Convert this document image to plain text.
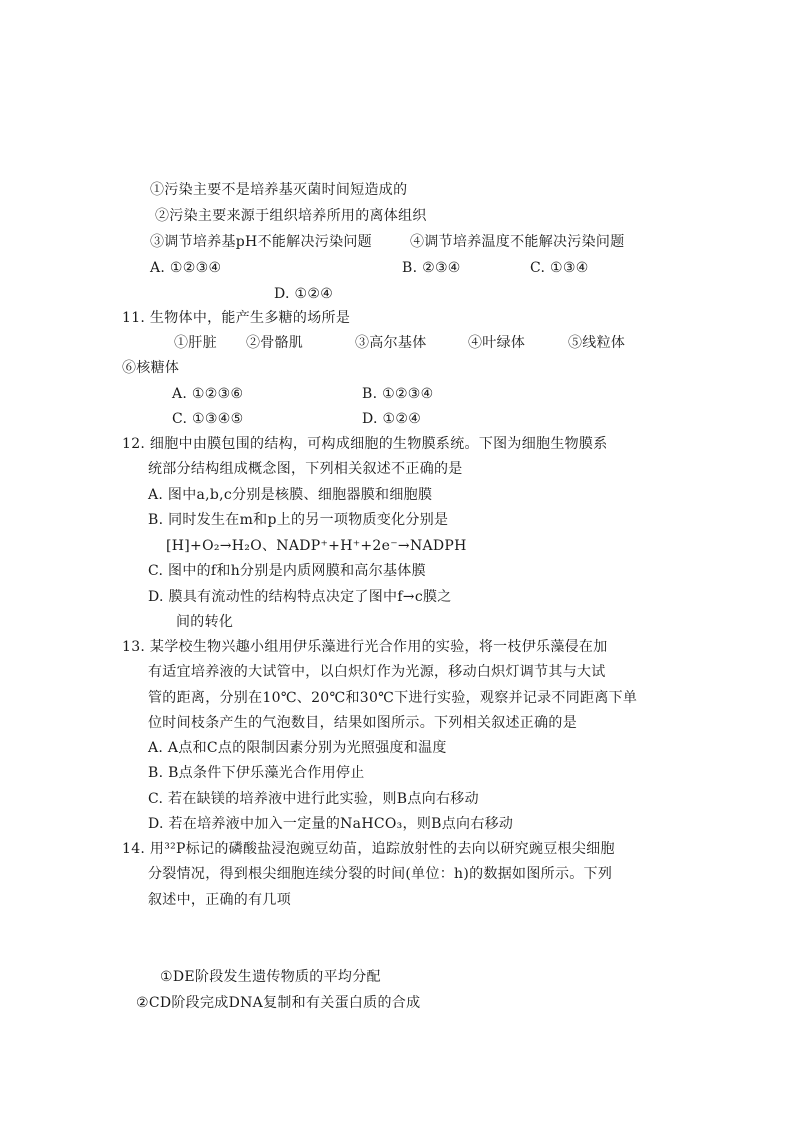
①污染主要不是培养基灭菌时间短造成的
②污染主要来源于组织培养所用的离体组织
③调节培养基pH不能解决污染问题	④调节培养温度不能解决污染问题
A. ①②③④	B. ②③④	C. ①③④
D. ①②④
11. 生物体中，能产生多糖的场所是
①肝脏 ②骨骼肌	③高尔基体	④叶绿体	⑤线粒体
⑥核糖体
A. ①②③⑥	B. ①②③④
C. ①③④⑤	D. ①②④
12. 细胞中由膜包围的结构，可构成细胞的生物膜系统。下图为细胞生物膜系
统部分结构组成概念图，下列相关叙述不正确的是
A. 图中a,b,c分别是核膜、细胞器膜和细胞膜
B. 同时发生在m和p上的另一项物质变化分别是
[H]+O₂→H₂O、NADP⁺+H⁺+2e⁻→NADPH
C. 图中的f和h分别是内质网膜和高尔基体膜
D. 膜具有流动性的结构特点决定了图中f→c膜之
间的转化
13. 某学校生物兴趣小组用伊乐藻进行光合作用的实验，将一枝伊乐藻侵在加
有适宜培养液的大试管中，以白炽灯作为光源，移动白炽灯调节其与大试
管的距离，分别在10℃、20℃和30℃下进行实验，观察并记录不同距离下单
位时间枝条产生的气泡数目，结果如图所示。下列相关叙述正确的是
A. A点和C点的限制因素分别为光照强度和温度
B. B点条件下伊乐藻光合作用停止
C. 若在缺镁的培养液中进行此实验，则B点向右移动
D. 若在培养液中加入一定量的NaHCO₃，则B点向右移动
14. 用³²P标记的磷酸盐浸泡豌豆幼苗，追踪放射性的去向以研究豌豆根尖细胞
分裂情况，得到根尖细胞连续分裂的时间(单位：h)的数据如图所示。下列
叙述中，正确的有几项
①DE阶段发生遗传物质的平均分配
②CD阶段完成DNA复制和有关蛋白质的合成
